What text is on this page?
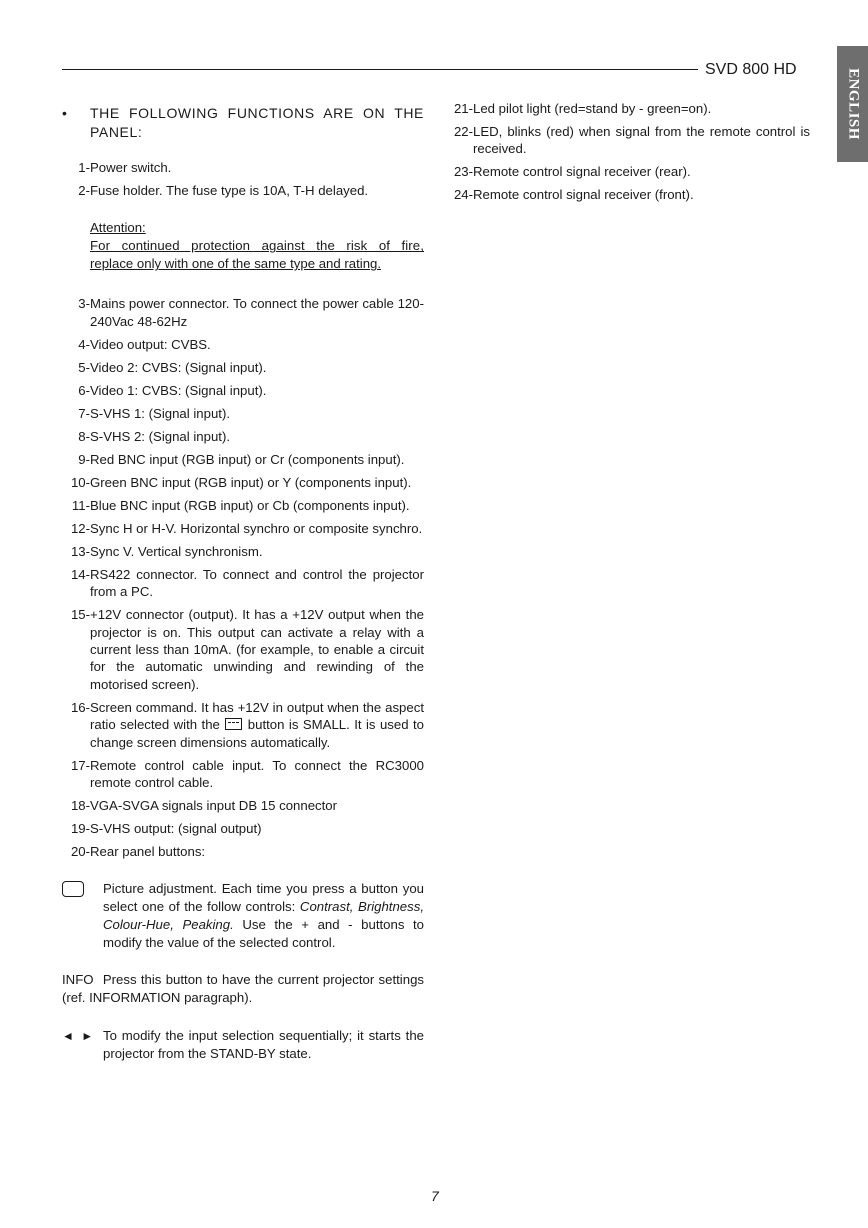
SVD 800 HD	ENGLISH
•	THE FOLLOWING FUNCTIONS ARE ON THE PANEL:
1- Power switch.
2- Fuse holder. The fuse type is 10A, T-H delayed.
Attention:
For continued protection against the risk of fire,
replace only with one of the same type and rating.
3- Mains power connector. To connect the power cable 120-240Vac 48-62Hz
4- Video output: CVBS.
5- Video 2: CVBS: (Signal input).
6- Video 1: CVBS: (Signal input).
7- S-VHS 1: (Signal input).
8- S-VHS 2: (Signal input).
9- Red BNC input (RGB input) or Cr (components input).
10- Green BNC input (RGB input) or Y (components input).
11- Blue BNC input (RGB input) or Cb (components input).
12- Sync H or H-V. Horizontal synchro or composite synchro.
13- Sync V. Vertical synchronism.
14- RS422 connector. To connect and control the projector from a PC.
15- +12V connector (output). It has a +12V output when the projector is on. This output can activate a relay with a current less than 10mA. (for example, to enable a circuit for the automatic unwinding and rewinding of the motorised screen).
16- Screen command. It has +12V in output when the aspect ratio selected with the button is SMALL. It is used to change screen dimensions automatically.
17- Remote control cable input. To connect the RC3000 remote control cable.
18- VGA-SVGA signals input DB 15 connector
19- S-VHS output: (signal output)
20- Rear panel buttons:
Picture adjustment. Each time you press a button you select one of the follow controls: Contrast, Brightness, Colour-Hue, Peaking. Use the + and - buttons to modify the value of the selected control.
INFO Press this button to have the current projector settings (ref. INFORMATION paragraph).
◄ ► To modify the input selection sequentially; it starts the projector from the STAND-BY state.
21- Led pilot light (red=stand by - green=on).
22- LED, blinks (red) when signal from the remote control is received.
23- Remote control signal receiver (rear).
24- Remote control signal receiver (front).
7
